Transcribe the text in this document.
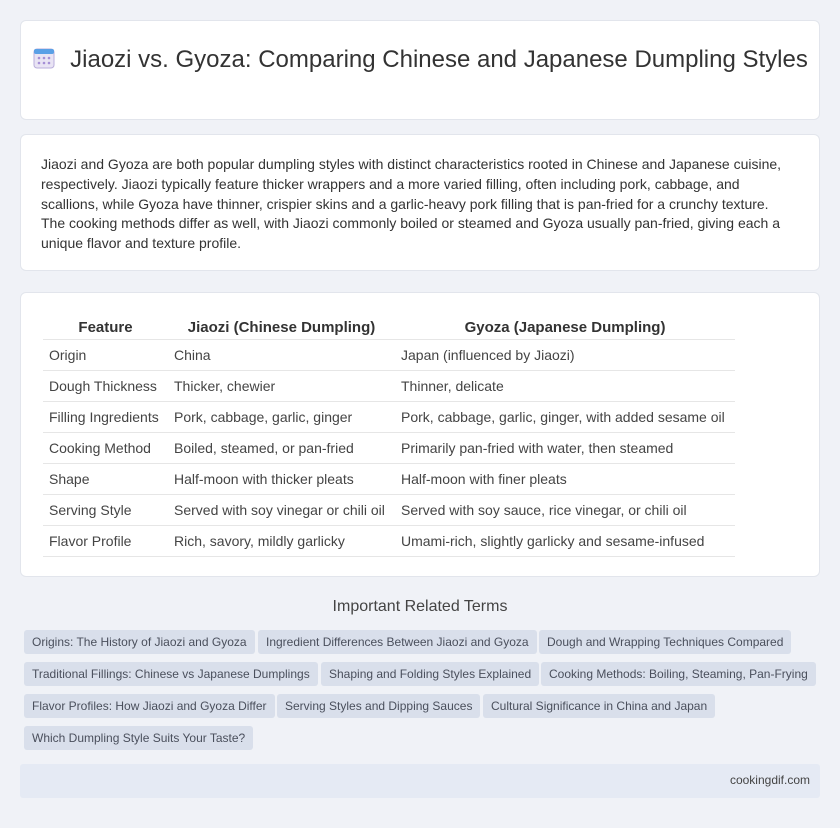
Jiaozi vs. Gyoza: Comparing Chinese and Japanese Dumpling Styles

Jiaozi and Gyoza are both popular dumpling styles with distinct characteristics rooted in Chinese and Japanese cuisine, respectively. Jiaozi typically feature thicker wrappers and a more varied filling, often including pork, cabbage, and scallions, while Gyoza have thinner, crispier skins and a garlic-heavy pork filling that is pan-fried for a crunchy texture. The cooking methods differ as well, with Jiaozi commonly boiled or steamed and Gyoza usually pan-fried, giving each a unique flavor and texture profile.

Feature	Jiaozi (Chinese Dumpling)	Gyoza (Japanese Dumpling)
Origin	China	Japan (influenced by Jiaozi)
Dough Thickness	Thicker, chewier	Thinner, delicate
Filling Ingredients	Pork, cabbage, garlic, ginger	Pork, cabbage, garlic, ginger, with added sesame oil
Cooking Method	Boiled, steamed, or pan-fried	Primarily pan-fried with water, then steamed
Shape	Half-moon with thicker pleats	Half-moon with finer pleats
Serving Style	Served with soy vinegar or chili oil	Served with soy sauce, rice vinegar, or chili oil
Flavor Profile	Rich, savory, mildly garlicky	Umami-rich, slightly garlicky and sesame-infused
Important Related Terms
Origins: The History of Jiaozi and Gyoza	Ingredient Differences Between Jiaozi and Gyoza	Dough and Wrapping Techniques Compared
Traditional Fillings: Chinese vs Japanese Dumplings	Shaping and Folding Styles Explained	Cooking Methods: Boiling, Steaming, Pan-Frying
Flavor Profiles: How Jiaozi and Gyoza Differ	Serving Styles and Dipping Sauces	Cultural Significance in China and Japan
Which Dumpling Style Suits Your Taste?
cookingdif.com
